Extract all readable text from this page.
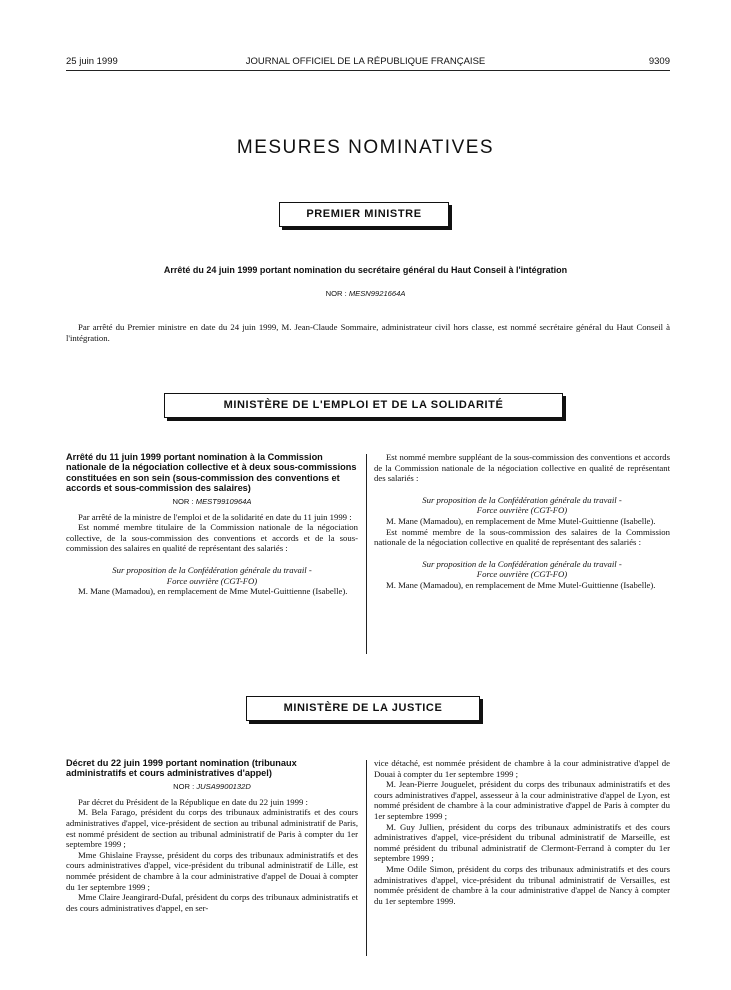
25 juin 1999	JOURNAL OFFICIEL DE LA RÉPUBLIQUE FRANÇAISE	9309
MESURES NOMINATIVES
PREMIER MINISTRE
Arrêté du 24 juin 1999 portant nomination du secrétaire général du Haut Conseil à l'intégration
NOR : MESN9921664A

Par arrêté du Premier ministre en date du 24 juin 1999, M. Jean-Claude Sommaire, administrateur civil hors classe, est nommé secrétaire général du Haut Conseil à l'intégration.

MINISTÈRE DE L'EMPLOI ET DE LA SOLIDARITÉ
Arrêté du 11 juin 1999 portant nomination à la Commission nationale de la négociation collective et à deux sous-commissions constituées en son sein (sous-commission des conventions et accords et sous-commission des salaires)
NOR : MEST9910964A

Par arrêté de la ministre de l'emploi et de la solidarité en date du 11 juin 1999 :

Est nommé membre titulaire de la Commission nationale de la négociation collective, de la sous-commission des conventions et accords et de la sous-commission des salaires en qualité de représentant des salariés :

Sur proposition de la Confédération générale du travail -
Force ouvrière (CGT-FO)

M. Mane (Mamadou), en remplacement de Mme Mutel-Guittienne (Isabelle).

Est nommé membre suppléant de la sous-commission des conventions et accords de la Commission nationale de la négociation collective en qualité de représentant des salariés :

Sur proposition de la Confédération générale du travail -
Force ouvrière (CGT-FO)

M. Mane (Mamadou), en remplacement de Mme Mutel-Guittienne (Isabelle).

Est nommé membre de la sous-commission des salaires de la Commission nationale de la négociation collective en qualité de représentant des salariés :

Sur proposition de la Confédération générale du travail -
Force ouvrière (CGT-FO)

M. Mane (Mamadou), en remplacement de Mme Mutel-Guittienne (Isabelle).

MINISTÈRE DE LA JUSTICE
Décret du 22 juin 1999 portant nomination (tribunaux administratifs et cours administratives d'appel)
NOR : JUSA9900132D

Par décret du Président de la République en date du 22 juin 1999 :

M. Bela Farago, président du corps des tribunaux administratifs et des cours administratives d'appel, vice-président de section au tribunal administratif de Paris, est nommé président de section au tribunal administratif de Paris à compter du 1er septembre 1999 ;

Mme Ghislaine Fraysse, président du corps des tribunaux administratifs et des cours administratives d'appel, vice-président du tribunal administratif de Lille, est nommée président de chambre à la cour administrative d'appel de Douai à compter du 1er septembre 1999 ;

Mme Claire Jeangirard-Dufal, président du corps des tribunaux administratifs et des cours administratives d'appel, en ser-

vice détaché, est nommée président de chambre à la cour administrative d'appel de Douai à compter du 1er septembre 1999 ;

M. Jean-Pierre Jouguelet, président du corps des tribunaux administratifs et des cours administratives d'appel, assesseur à la cour administrative d'appel de Lyon, est nommé président de chambre à la cour administrative d'appel de Paris à compter du 1er septembre 1999 ;

M. Guy Jullien, président du corps des tribunaux administratifs et des cours administratives d'appel, vice-président du tribunal administratif de Marseille, est nommé président du tribunal administratif de Clermont-Ferrand à compter du 1er septembre 1999 ;

Mme Odile Simon, président du corps des tribunaux administratifs et des cours administratives d'appel, vice-président du tribunal administratif de Versailles, est nommée président de chambre à la cour administrative d'appel de Nancy à compter du 1er septembre 1999.
